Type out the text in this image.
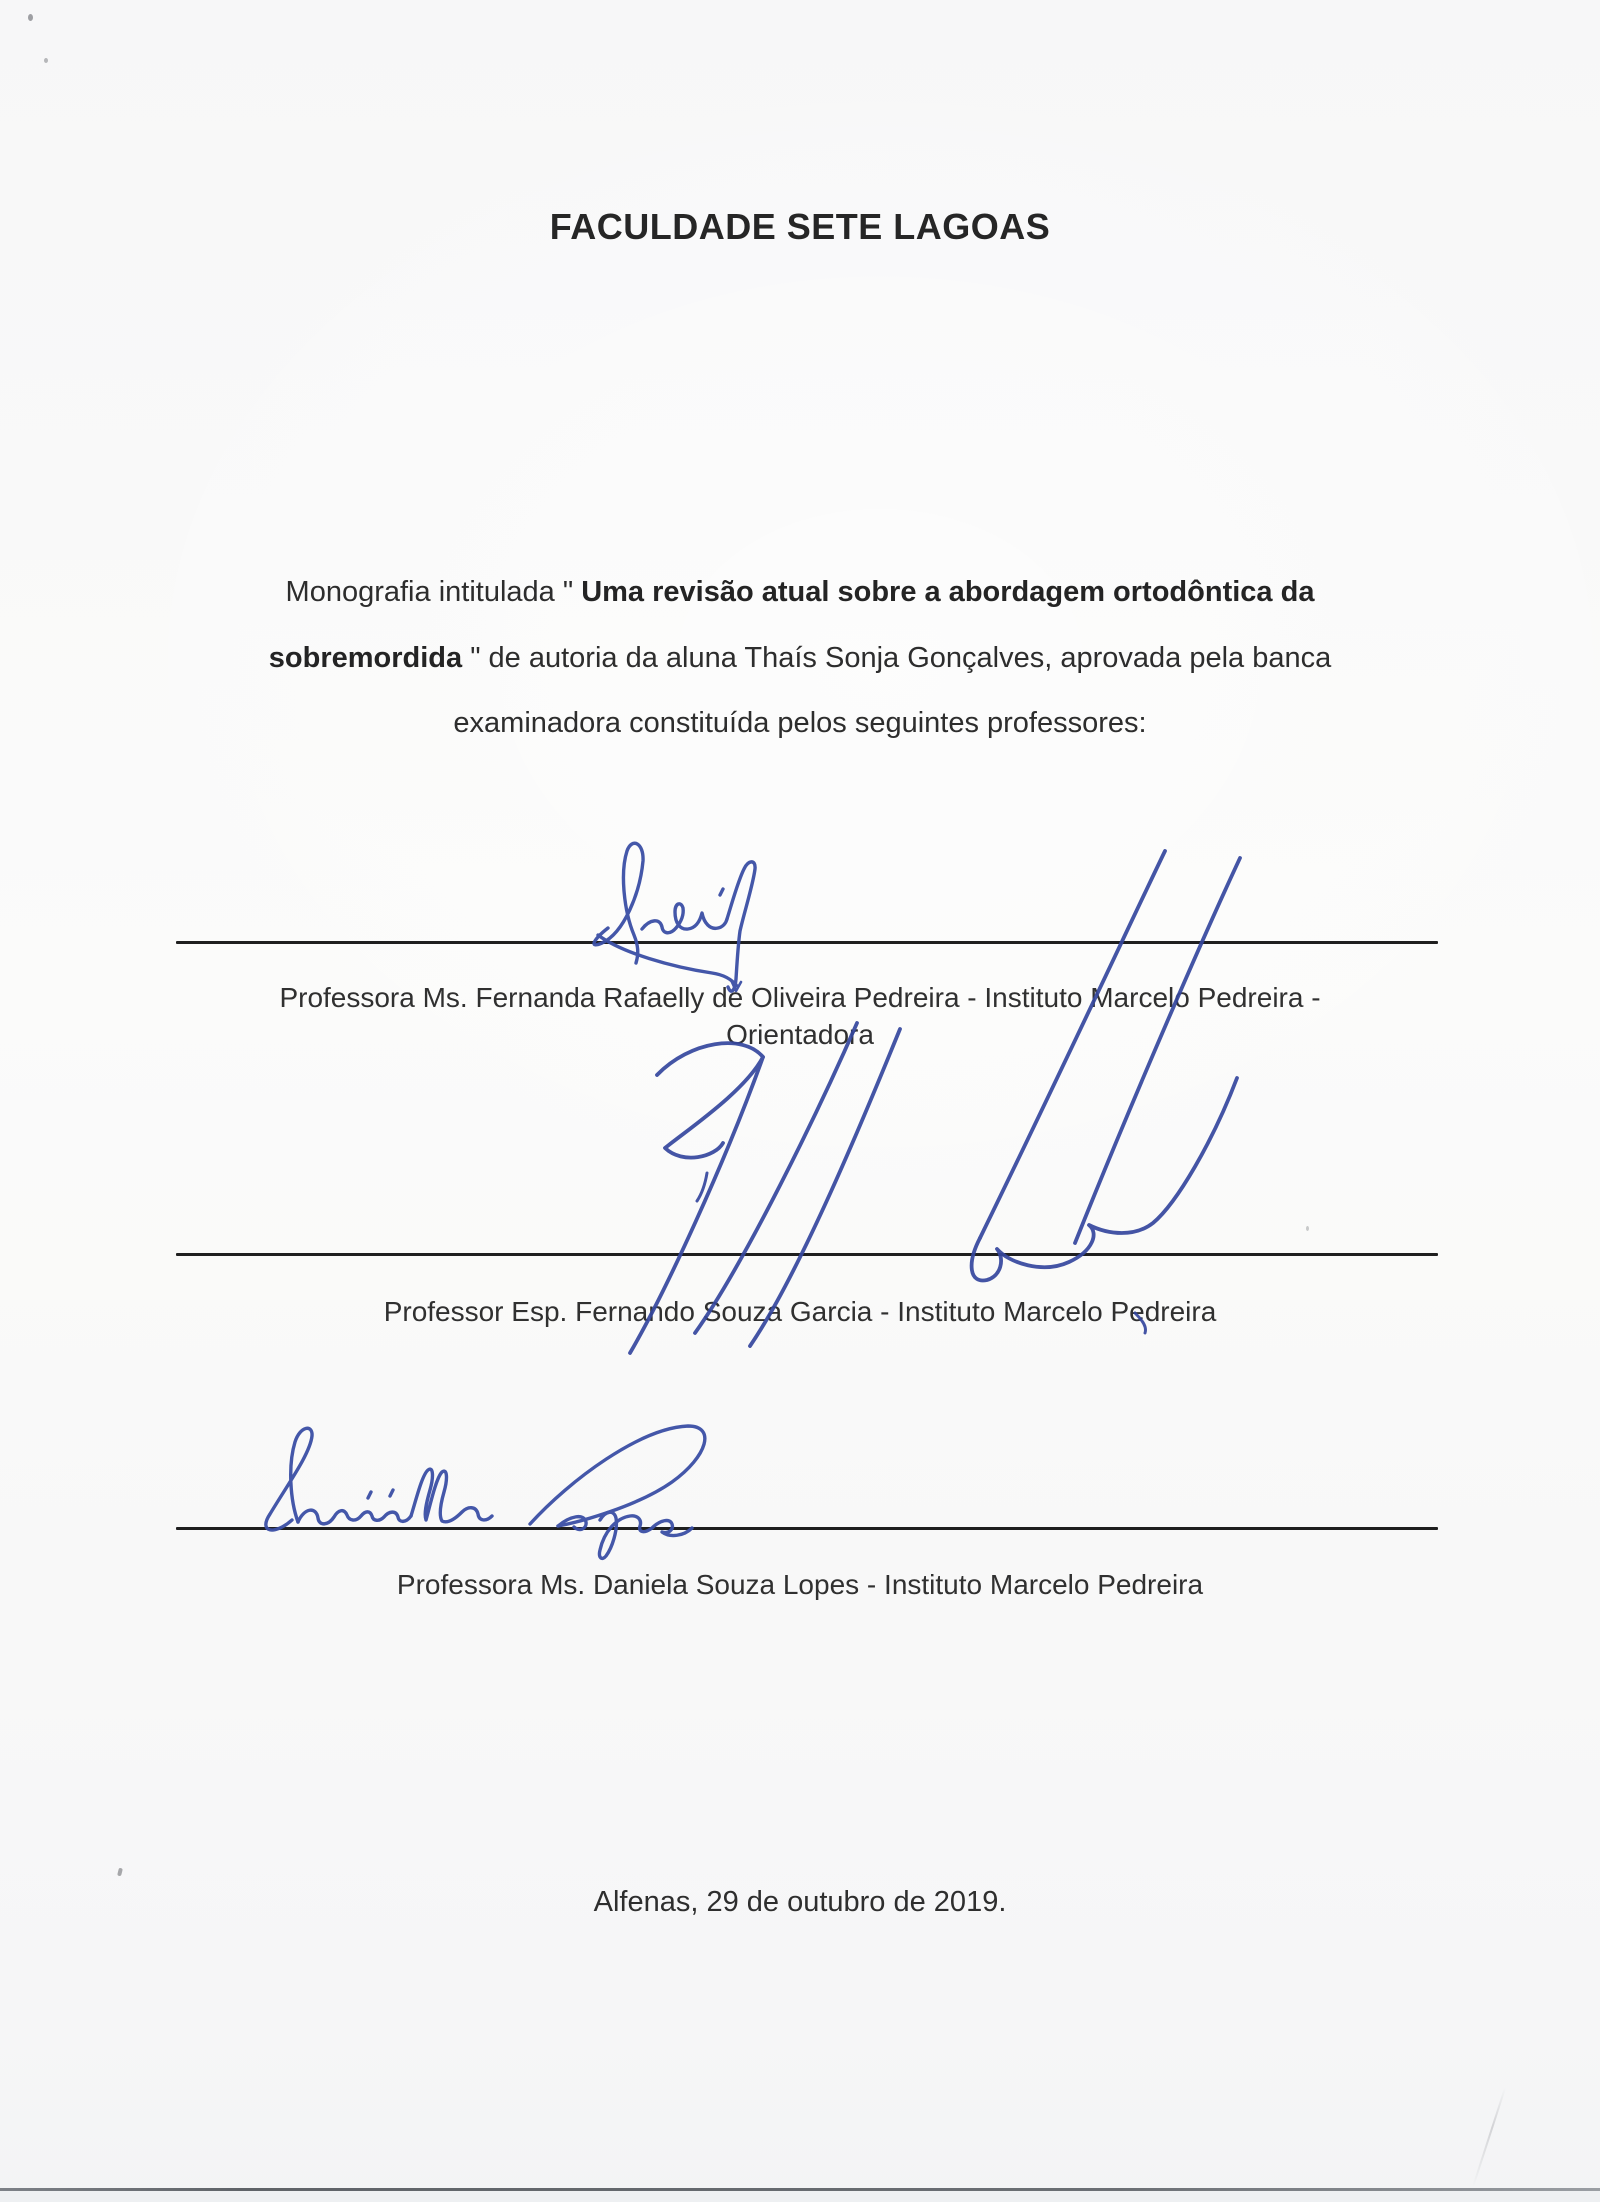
FACULDADE SETE LAGOAS
Monografia intitulada " Uma revisão atual sobre a abordagem ortodôntica da
sobremordida " de autoria da aluna Thaís Sonja Gonçalves, aprovada pela banca
examinadora constituída pelos seguintes professores:
Professora Ms. Fernanda Rafaelly de Oliveira Pedreira - Instituto Marcelo Pedreira -
Orientadora
Professor Esp. Fernando Souza Garcia - Instituto Marcelo Pedreira
Professora Ms. Daniela Souza Lopes - Instituto Marcelo Pedreira
Alfenas, 29 de outubro de 2019.
